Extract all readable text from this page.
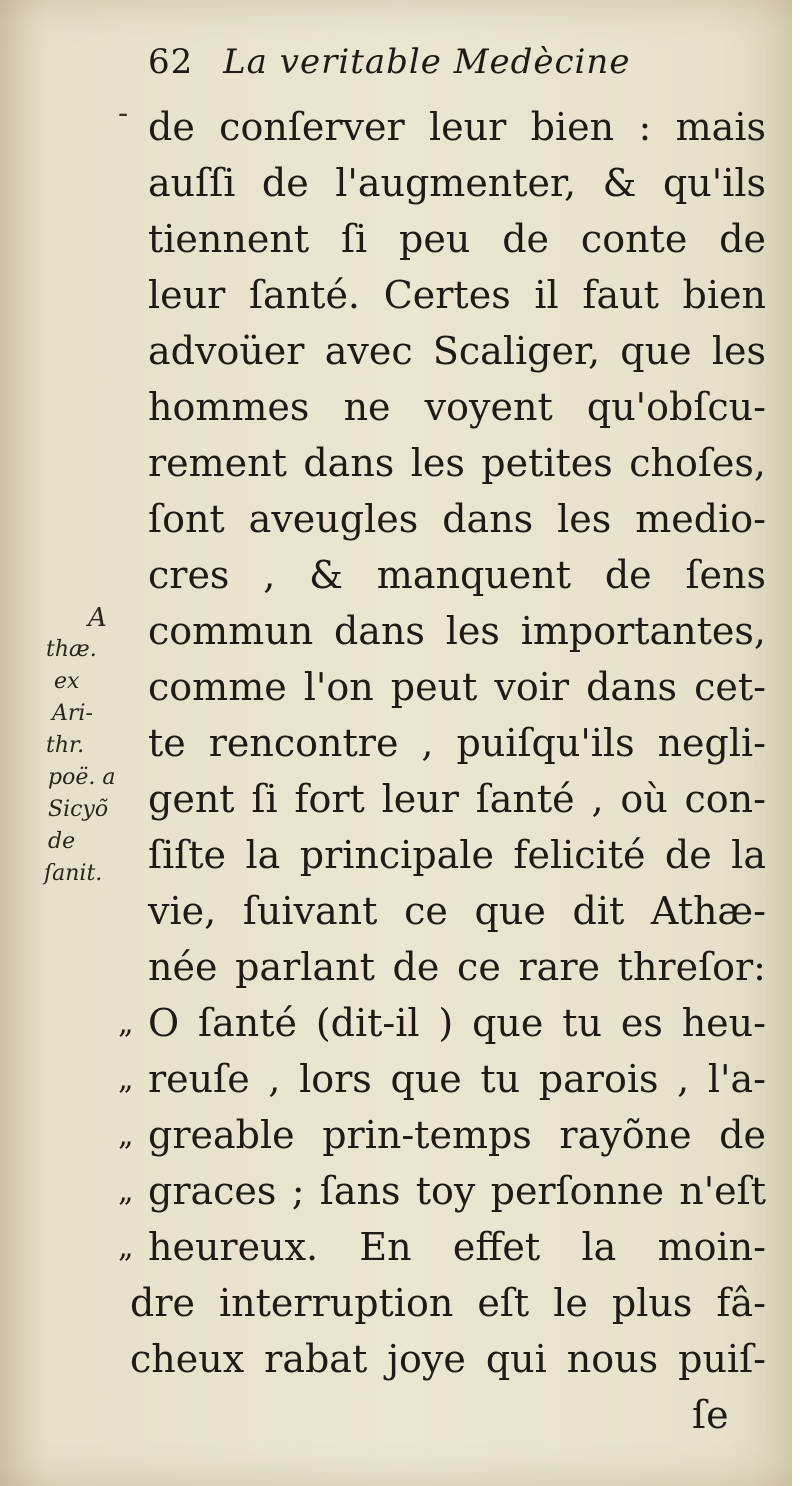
62 La veritable Medècine
- de conſerver leur bien : mais
auſſi de l'augmenter, & qu'ils
tiennent ſi peu de conte de
leur ſanté. Certes il faut bien
advoüer avec Scaliger, que les
hommes ne voyent qu'obſcu-
rement dans les petites choſes,
ſont aveugles dans les medio-
cres , & manquent de ſens
commun dans les importantes,
comme l'on peut voir dans cet-
te rencontre , puiſqu'ils negli-
gent ſi fort leur ſanté , où con-
ſiſte la principale felicité de la
vie, ſuivant ce que dit Athæ-
née parlant de ce rare threſor:
O ſanté (dit-il ) que tu es heu-
reuſe , lors que tu parois , l'a-
greable prin-temps rayõne de
graces ; ſans toy perſonne n'eſt
heureux. En effet la moin-
dre interruption eſt le plus fâ-
cheux rabat joye qui nous puiſ-
ſe
„
„
„
„
„
A
thæ.
ex
Ari-
thr.
poë. a
Sicyõ
de
ſanit.
